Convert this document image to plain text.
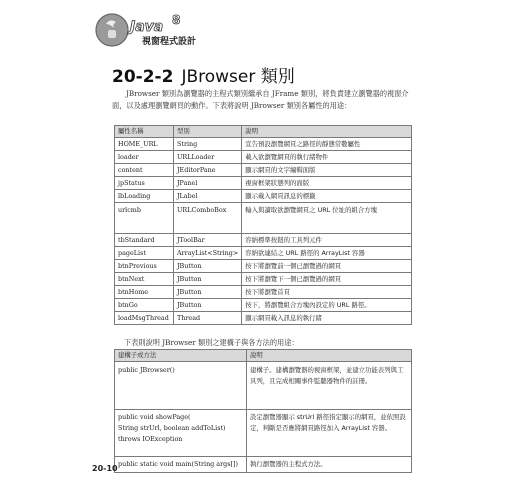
Java 8
視窗程式設計
20-2-2 JBrowser 類別
JBrowser 類別為瀏覽器的主程式類別繼承自 JFrame 類別，將負責建立瀏覽器的視窗介面，以及處理瀏覽網頁的動作。下表將說明 JBrowser 類別各屬性的用途：
屬性名稱	型別	說明
HOME_URL	String	宣告預設瀏覽網頁之路徑的靜態常數屬性
loader	URLLoader	載入欲瀏覽網頁的執行緒物件
content	JEditorPane	顯示網頁的文字編輯面版
jpStatus	JPanel	視窗框架狀態列的面版
lbLoading	JLabel	顯示載入網頁訊息的標籤
urlcmb	URLComboBox	輸入與讀取欲瀏覽網頁之 URL 位址的組合方塊
tbStandard	JToolBar	容納標準按鈕的工具列元件
pageList	ArrayList<String>	容納欲連結之 URL 路徑的 ArrayList 容器
btnPrevious	JButton	按下將瀏覽前一個已瀏覽過的網頁
btnNext	JButton	按下將瀏覽下一個已瀏覽過的網頁
btnHome	JButton	按下將瀏覽首頁
btnGo	JButton	按下，將瀏覽組合方塊內設定的 URL 路徑。
loadMsgThread	Thread	顯示網頁載入訊息的執行緒
下表則說明 JBrowser 類別之建構子與各方法的用途：
建構子或方法	說明
public JBrowser()	建構子。建構瀏覽器的視窗框架，並建立功能表列與工具列，且完成相關事件監聽器物件的註冊。
public void showPage(
String strUrl, boolean addToList)
throws IOException	設定瀏覽器顯示 strUrl 路徑指定顯示的網頁，並依照設定，判斷是否應將網頁路徑加入 ArrayList 容器。
public static void main(String args[])	執行瀏覽器的主程式方法。
20-10
